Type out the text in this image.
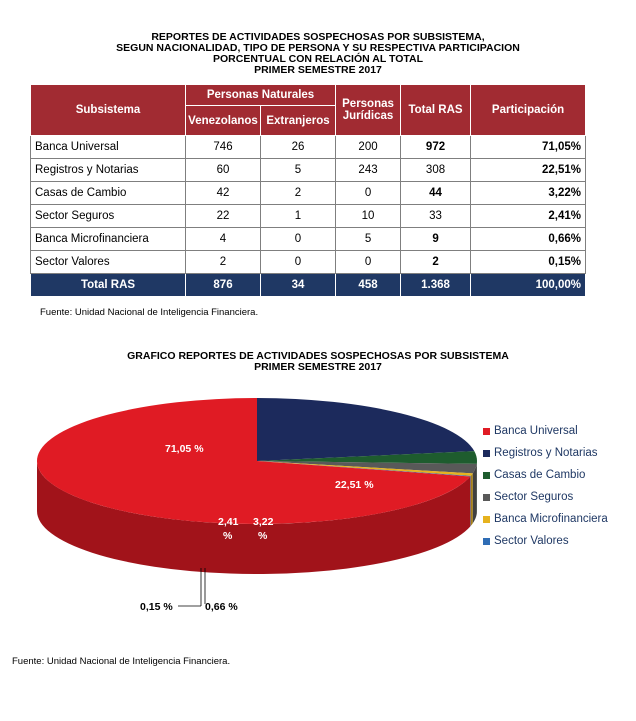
REPORTES DE ACTIVIDADES SOSPECHOSAS POR SUBSISTEMA,
SEGUN NACIONALIDAD, TIPO DE PERSONA Y SU RESPECTIVA PARTICIPACION
PORCENTUAL CON RELACIÓN AL TOTAL
PRIMER SEMESTRE 2017
Subsistema	Personas Naturales		Personas Jurídicas	Total RAS	Participación
	Venezolanos	Extranjeros			
Banca Universal	746	26	200	972	71,05%
Registros y Notarias	60	5	243	308	22,51%
Casas de Cambio	42	2	0	44	3,22%
Sector Seguros	22	1	10	33	2,41%
Banca Microfinanciera	4	0	5	9	0,66%
Sector Valores	2	0	0	2	0,15%
Total RAS	876	34	458	1.368	100,00%
Fuente: Unidad Nacional de Inteligencia Financiera.
GRAFICO REPORTES DE ACTIVIDADES SOSPECHOSAS POR SUBSISTEMA
PRIMER SEMESTRE 2017
71,05 %
22,51 %
3,22 %
2,41 %
0,66 %
0,15 %
Banca Universal
Registros y Notarias
Casas de Cambio
Sector Seguros
Banca Microfinanciera
Sector Valores
Fuente: Unidad Nacional de Inteligencia Financiera.
